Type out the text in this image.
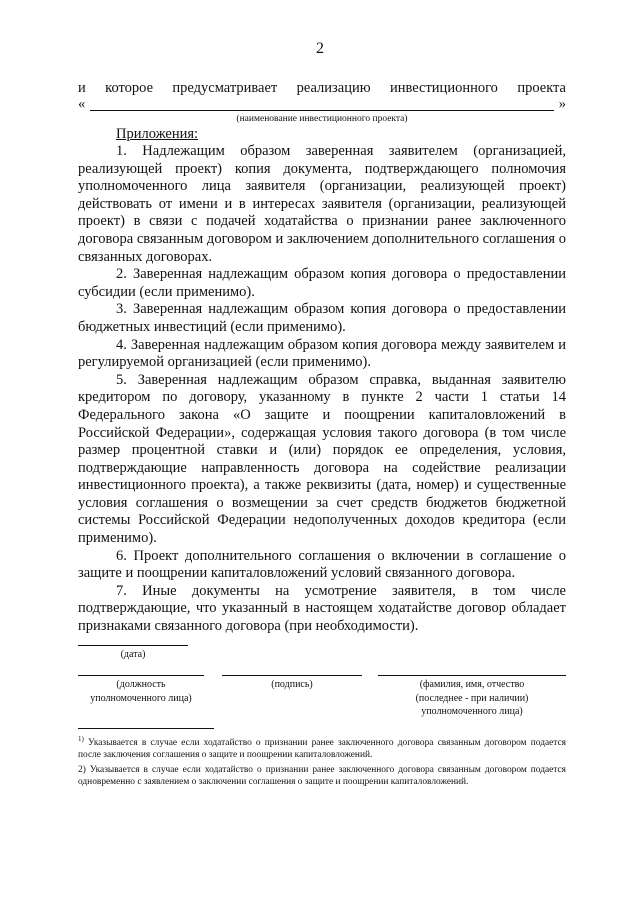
2
и которое предусматривает реализацию инвестиционного проекта
«	»
(наименование инвестиционного проекта)
Приложения:

1. Надлежащим образом заверенная заявителем (организацией, реализующей проект) копия документа, подтверждающего полномочия уполномоченного лица заявителя (организации, реализующей проект) действовать от имени и в интересах заявителя (организации, реализующей проект) в связи с подачей ходатайства о признании ранее заключенного договора связанным договором и заключением дополнительного соглашения о связанных договорах.

2. Заверенная надлежащим образом копия договора о предоставлении субсидии (если применимо).

3. Заверенная надлежащим образом копия договора о предоставлении бюджетных инвестиций (если применимо).

4. Заверенная надлежащим образом копия договора между заявителем и регулируемой организацией (если применимо).

5. Заверенная надлежащим образом справка, выданная заявителю кредитором по договору, указанному в пункте 2 части 1 статьи 14 Федерального закона «О защите и поощрении капиталовложений в Российской Федерации», содержащая условия такого договора (в том числе размер процентной ставки и (или) порядок ее определения, условия, подтверждающие направленность договора на содействие реализации инвестиционного проекта), а также реквизиты (дата, номер) и существенные условия соглашения о возмещении за счет средств бюджетов бюджетной системы Российской Федерации недополученных доходов кредитора (если применимо).

6. Проект дополнительного соглашения о включении в соглашение о защите и поощрении капиталовложений условий связанного договора.

7. Иные документы на усмотрение заявителя, в том числе подтверждающие, что указанный в настоящем ходатайстве договор обладает признаками связанного договора (при необходимости).

(дата)
(должность
уполномоченного лица)
(подпись)	(фамилия, имя, отчество
(последнее - при наличии)
уполномоченного лица)

$^{1)}$ Указывается в случае если ходатайство о признании ранее заключенного договора связанным договором подается после заключения соглашения о защите и поощрении капиталовложений.

2) Указывается в случае если ходатайство о признании ранее заключенного договора связанным договором подается одновременно с заявлением о заключении соглашения о защите и поощрении капиталовложений.
